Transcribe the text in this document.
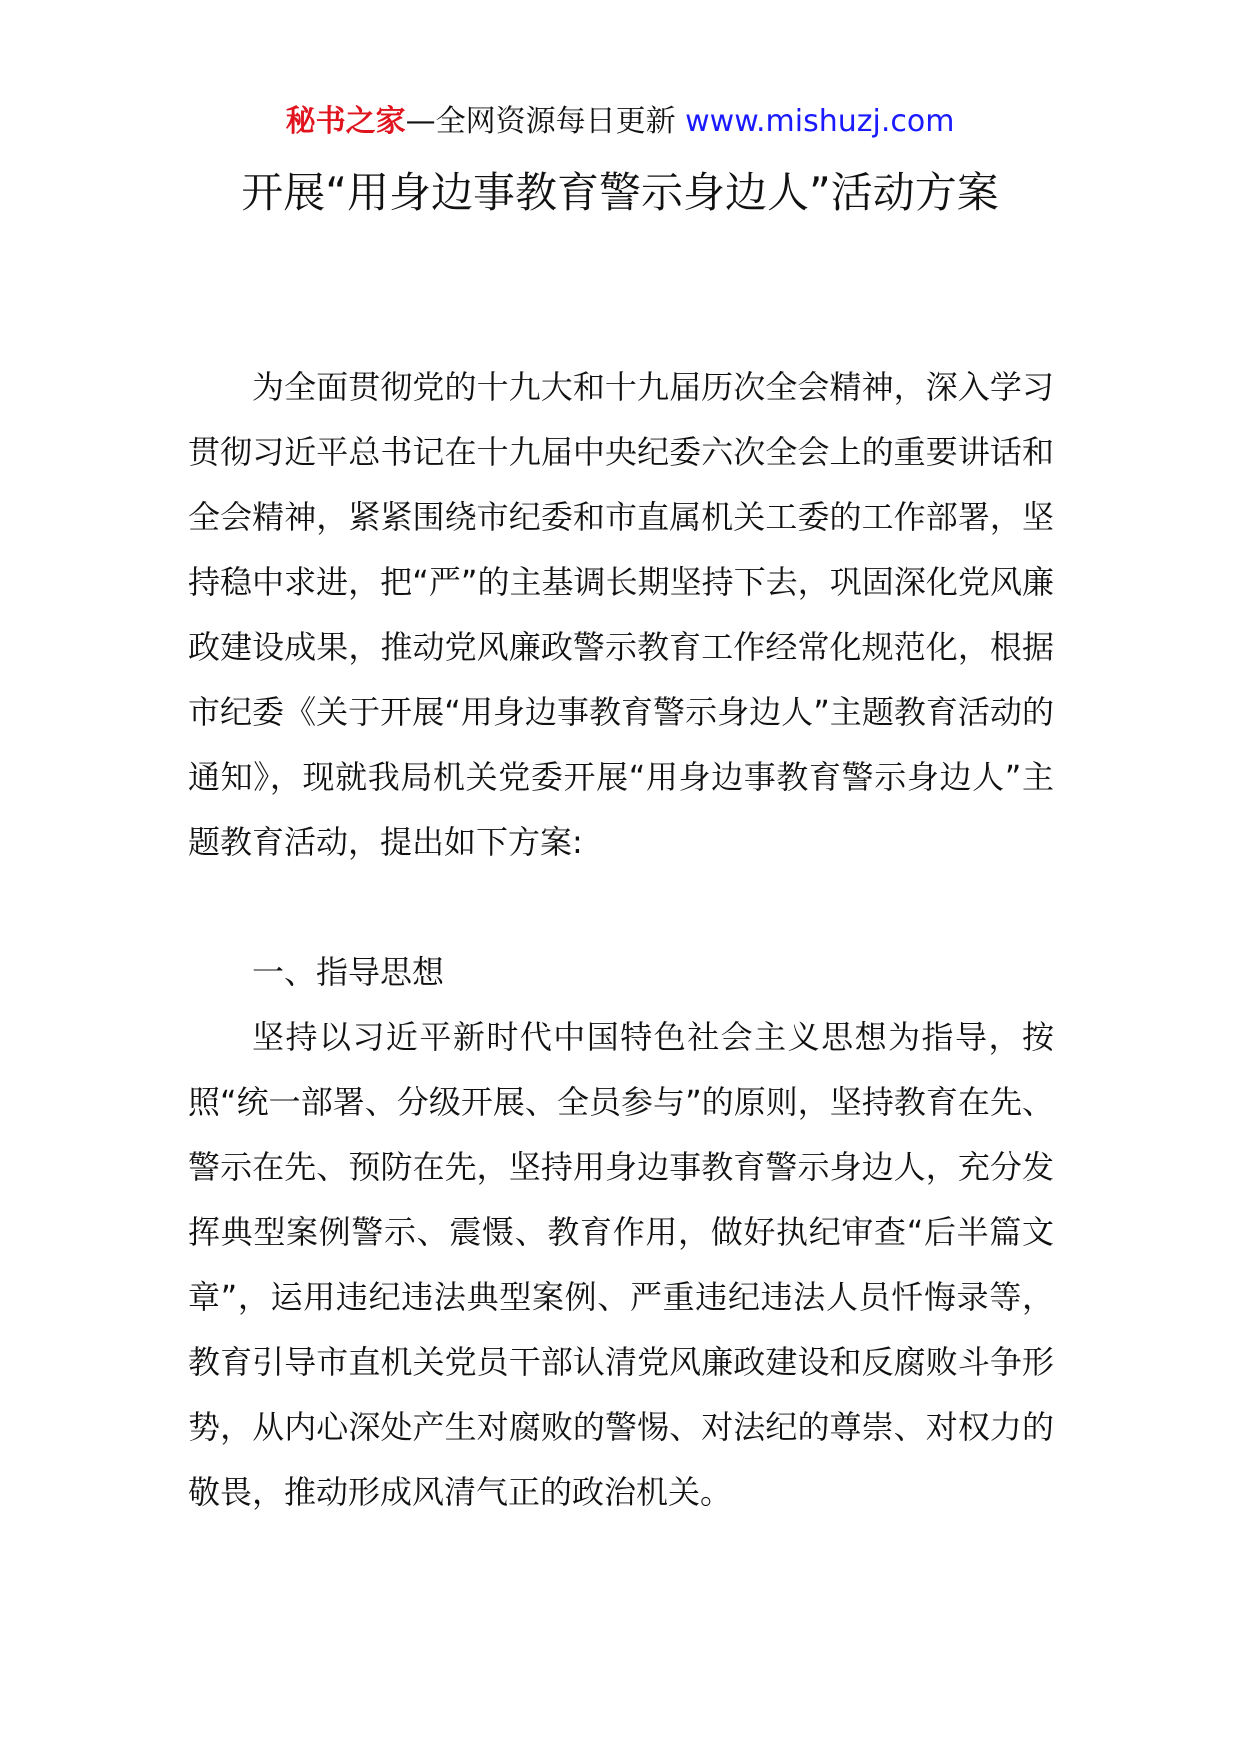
秘书之家—全网资源每日更新 www.mishuzj.com
开展“用身边事教育警示身边人”活动方案

为全面贯彻党的十九大和十九届历次全会精神，深入学习贯彻习近平总书记在十九届中央纪委六次全会上的重要讲话和全会精神，紧紧围绕市纪委和市直属机关工委的工作部署，坚持稳中求进，把“严”的主基调长期坚持下去，巩固深化党风廉政建设成果，推动党风廉政警示教育工作经常化规范化，根据市纪委《关于开展“用身边事教育警示身边人”主题教育活动的通知》，现就我局机关党委开展“用身边事教育警示身边人”主题教育活动，提出如下方案:

一、指导思想

坚持以习近平新时代中国特色社会主义思想为指导，按照“统一部署、分级开展、全员参与”的原则，坚持教育在先、警示在先、预防在先，坚持用身边事教育警示身边人，充分发挥典型案例警示、震慑、教育作用，做好执纪审查“后半篇文章”，运用违纪违法典型案例、严重违纪违法人员忏悔录等，教育引导市直机关党员干部认清党风廉政建设和反腐败斗争形势，从内心深处产生对腐败的警惕、对法纪的尊崇、对权力的敬畏，推动形成风清气正的政治机关。
